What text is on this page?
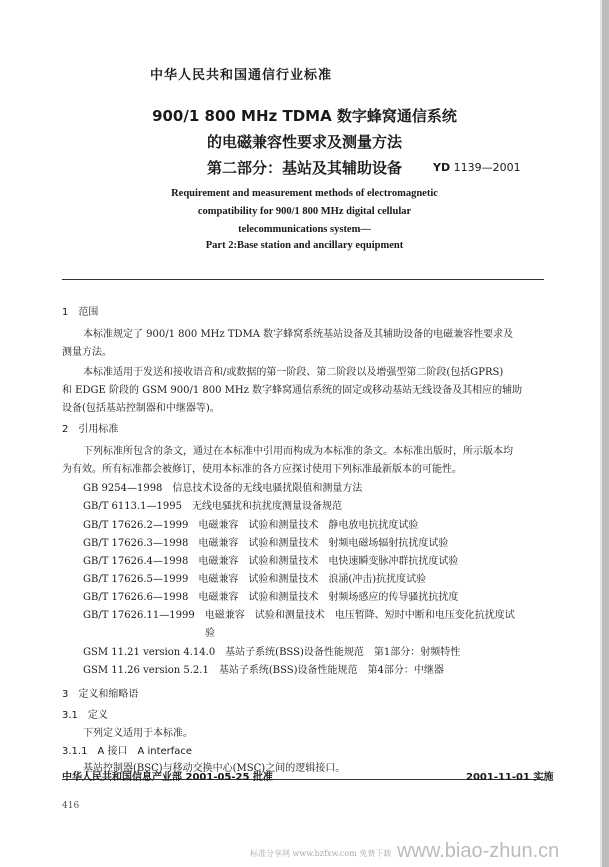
中华人民共和国通信行业标准
900/1 800 MHz TDMA 数字蜂窝通信系统
的电磁兼容性要求及测量方法
第二部分：基站及其辅助设备	YD 1139—2001
Requirement and measurement methods of electromagnetic
compatibility for 900/1 800 MHz digital cellular
telecommunications system—
Part 2:Base station and ancillary equipment
1　范围
本标准规定了 900/1 800 MHz TDMA 数字蜂窝系统基站设备及其辅助设备的电磁兼容性要求及
测量方法。
本标准适用于发送和接收语音和/或数据的第一阶段、第二阶段以及增强型第二阶段(包括GPRS)
和 EDGE 阶段的 GSM 900/1 800 MHz 数字蜂窝通信系统的固定或移动基站无线设备及其相应的辅助
设备(包括基站控制器和中继器等)。
2　引用标准
下列标准所包含的条文，通过在本标准中引用而构成为本标准的条文。本标准出版时，所示版本均
为有效。所有标准都会被修订，使用本标准的各方应探讨使用下列标准最新版本的可能性。
GB 9254—1998　信息技术设备的无线电骚扰限值和测量方法
GB/T 6113.1—1995　无线电骚扰和抗扰度测量设备规范
GB/T 17626.2—1999　电磁兼容　试验和测量技术　静电放电抗扰度试验
GB/T 17626.3—1998　电磁兼容　试验和测量技术　射频电磁场辐射抗扰度试验
GB/T 17626.4—1998　电磁兼容　试验和测量技术　电快速瞬变脉冲群抗扰度试验
GB/T 17626.5—1999　电磁兼容　试验和测量技术　浪涌(冲击)抗扰度试验
GB/T 17626.6—1998　电磁兼容　试验和测量技术　射频场感应的传导骚扰抗扰度
GB/T 17626.11—1999　电磁兼容　试验和测量技术　电压暂降、短时中断和电压变化抗扰度试
验
GSM 11.21 version 4.14.0　基站子系统(BSS)设备性能规范　第1部分：射频特性
GSM 11.26 version 5.2.1　基站子系统(BSS)设备性能规范　第4部分：中继器
3　定义和缩略语
3.1　定义
下列定义适用于本标准。
3.1.1　A 接口　A interface
基站控制器(BSC)与移动交换中心(MSC)之间的逻辑接口。
中华人民共和国信息产业部 2001-05-25 批准	2001-11-01 实施
416
标准分享网 www.bzfxw.com 免费下载 www.biao-zhun.cn
